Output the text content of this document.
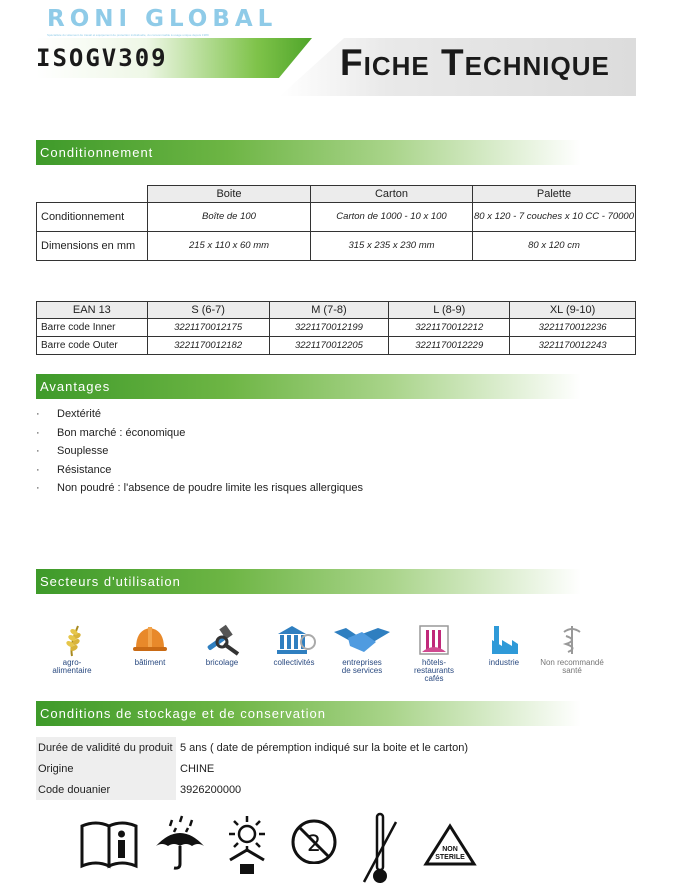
RONI GLOBAL
Spécialiste du vêtement de travail et équipement de protection individuelle, du consommable à usage unique depuis 1989
ISOGV309	Fiche Technique
Conditionnement
	Boite	Carton	Palette
Conditionnement	Boîte de 100	Carton de 1000 - 10 x 100	80 x 120 - 7 couches x 10 CC - 70000
Dimensions en mm	215 x 110 x 60 mm	315 x 235 x 230 mm	80 x 120 cm
EAN 13	S (6-7)	M (7-8)	L (8-9)	XL (9-10)
Barre code Inner	3221170012175	3221170012199	3221170012212	3221170012236
Barre code Outer	3221170012182	3221170012205	3221170012229	3221170012243
Avantages
·	Dextérité
·	Bon marché : économique
·	Souplesse
·	Résistance
·	Non poudré : l'absence de poudre limite les risques allergiques
Secteurs d'utilisation
agro-
alimentaire
bâtiment	bricolage	collectivités	entreprises
de services
hôtels-restaurants
cafés
industrie	Non recommandé
santé
Conditions de stockage et de conservation
Durée de validité du produit	5 ans ( date de péremption indiqué sur la boite et le carton)
Origine	CHINE
Code douanier	3926200000
2	NON
STERILE
